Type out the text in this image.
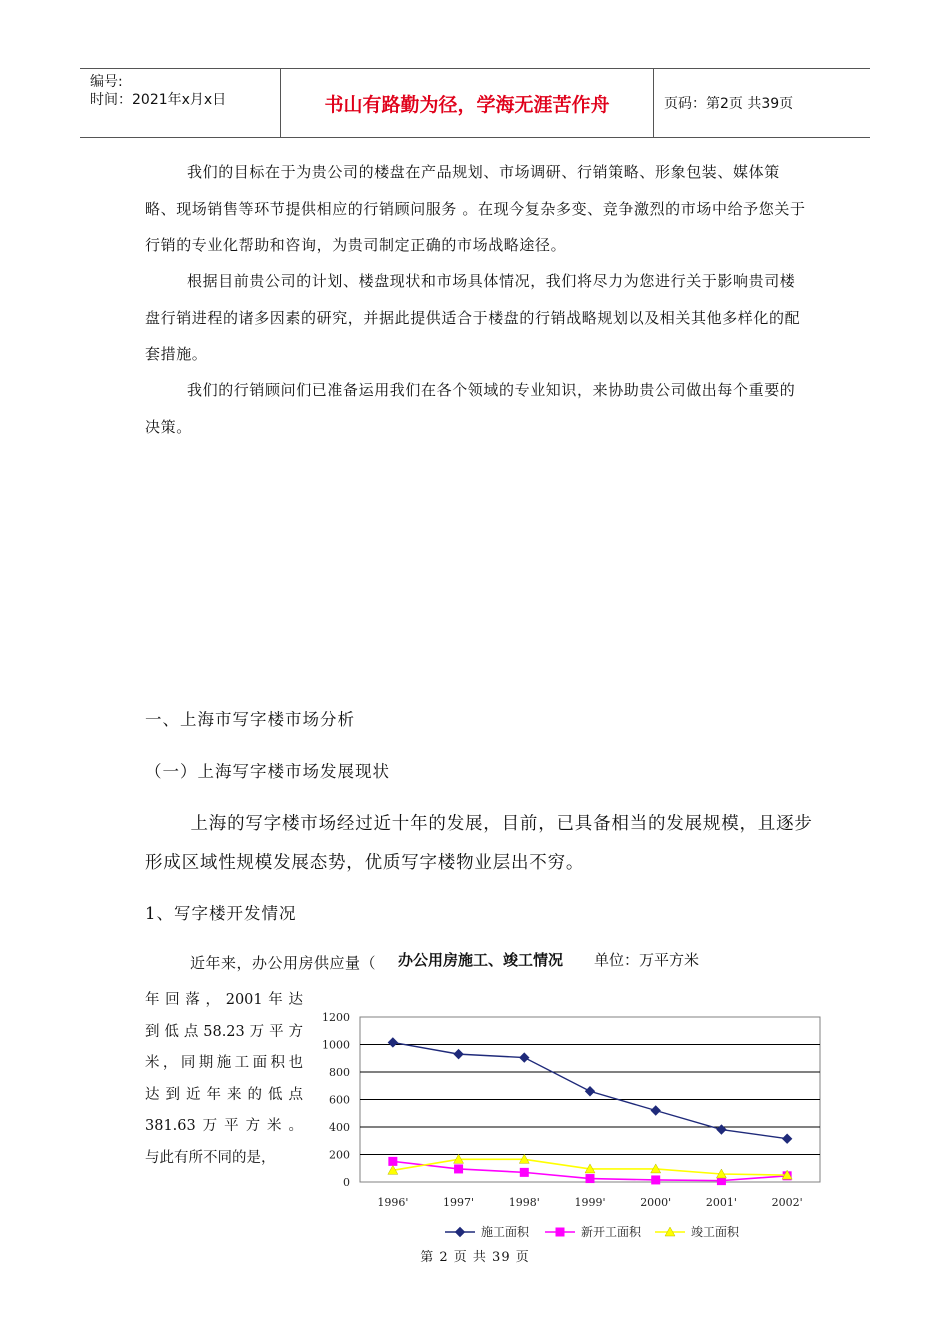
编号:
时间：2021年x月x日	书山有路勤为径，学海无涯苦作舟	页码：第2页 共39页

我们的目标在于为贵公司的楼盘在产品规划、市场调研、行销策略、形象包装、媒体策略、现场销售等环节提供相应的行销顾问服务 。在现今复杂多变、竞争激烈的市场中给予您关于行销的专业化帮助和咨询，为贵司制定正确的市场战略途径。

根据目前贵公司的计划、楼盘现状和市场具体情况，我们将尽力为您进行关于影响贵司楼盘行销进程的诸多因素的研究，并据此提供适合于楼盘的行销战略规划以及相关其他多样化的配套措施。

我们的行销顾问们已准备运用我们在各个领域的专业知识，来协助贵公司做出每个重要的决策。

一、上海市写字楼市场分析

（一）上海写字楼市场发展现状

上海的写字楼市场经过近十年的发展，目前，已具备相当的发展规模，且逐步形成区域性规模发展态势，优质写字楼物业层出不穷。

1、写字楼开发情况

近年来，办公用房供应量（ 办公用房施工、竣工情况 单位：万平方米
年回落，2001年达
到低点58.23万平方
米，同期施工面积也
达到近年来的低点
381.63万平方米。
与此有所不同的是，
0
200
400
600
800
1000
1200
1996'	1997'	1998'	1999'	2000'	2001'	2002'
施工面积	新开工面积	竣工面积
第 2 页 共 39 页
